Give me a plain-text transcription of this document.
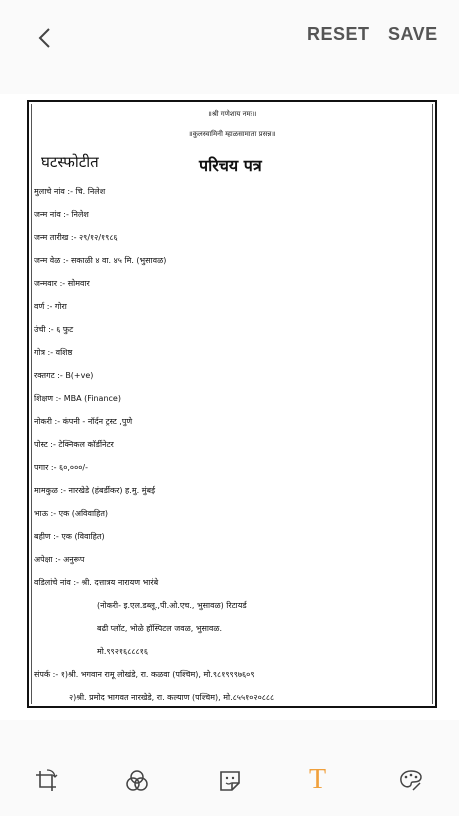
RESET SAVE
॥श्री गणेशाय नमः॥
॥कुलस्वामिनी म्हाळसामाता प्रसन्न॥
घटस्फोटीत	परिचय पत्र
मुलाचे नांव :- चि. निलेश
जन्म नांव :- निलेश
जन्म तारीख :- २९/१२/१९८६
जन्म वेळ :- सकाळी ४ वा. ४५ मि. (भुसावळ)
जन्मवार :- सोमवार
वर्ण :- गोरा
उंची :- ६ फुट
गोत्र :- वशिष्ठ
रक्तगट :- B(+ve)
शिक्षण :- MBA (Finance)
नोकरी :- कंपनी - नॉर्दन ट्रस्ट ,पुणे
पोस्ट :- टेक्निकल कॉर्डीनेटर
पगार :- ६०,०००/-
मामकुळ :- नारखेडे (हंबर्डीकर) ह.मु. मुंबई
भाऊ :- एक (अविवाहित)
बहीण :- एक (विवाहित)
अपेक्षा :- अनुरूप
वडिलांचे नांव :- श्री. दत्तात्रय नारायण भारंबे
(नोकरी- इ.एल.डब्लू.,पी.ओ.एच., भुसावळ) रिटायर्ड
बढी प्लॉट, भोळे हॉस्पिटल जवळ, भुसावळ.
मो.९९२१६८८८१६
संपर्क :- १)श्री. भगवान रामू लोखंडे, रा. कळवा (पश्चिम), मो.९८१९९९७६०९
२)श्री. प्रमोद भागवत नारखेडे, रा. कल्याण (पश्चिम), मो.८५५१०२०८८८
T
